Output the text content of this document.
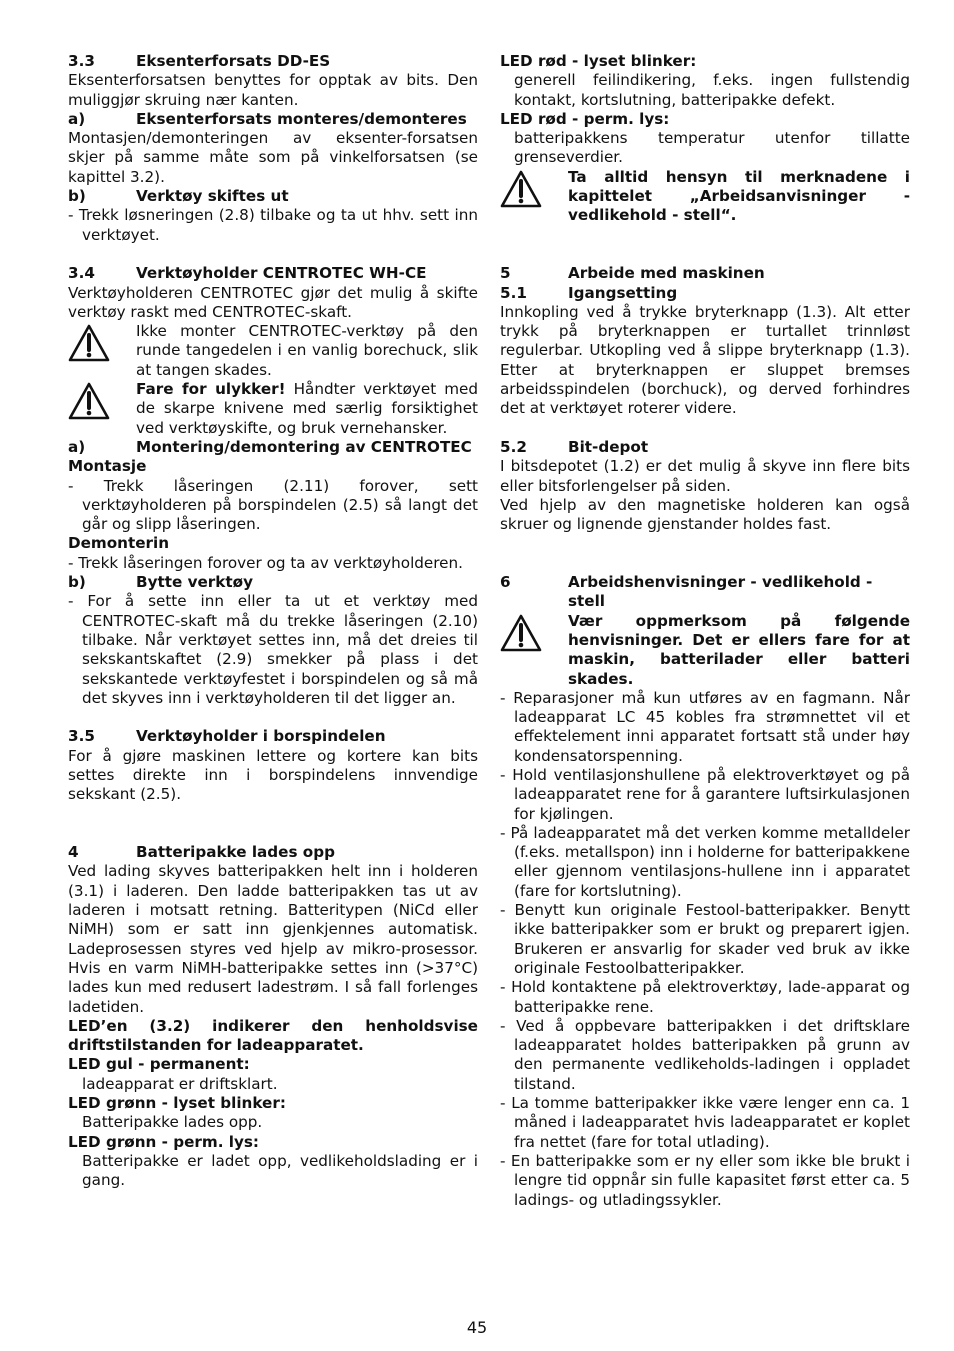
3.3	Eksenterforsats DD-ES

Eksenterforsatsen benyttes for opptak av bits. Den muliggjør skruing nær kanten.

a)	Eksenterforsats monteres/demonteres

Montasjen/demonteringen av eksenter-forsatsen skjer på samme måte som på vinkelforsatsen (se kapittel 3.2).

b)	Verktøy skiftes ut

- Trekk løsneringen (2.8) tilbake og ta ut hhv. sett inn verktøyet.

3.4	Verktøyholder CENTROTEC WH-CE

Verktøyholderen CENTROTEC gjør det mulig å skifte verktøy raskt med CENTROTEC-skaft.

Ikke monter CENTROTEC-verktøy på den runde tangedelen i en vanlig borechuck, slik at tangen skades.

Fare for ulykker! Håndter verktøyet med de skarpe knivene med særlig forsiktighet ved verktøyskifte, og bruk vernehansker.

a)	Montering/demontering av CENTROTEC

Montasje

- Trekk låseringen (2.11) forover, sett verktøyholderen på borspindelen (2.5) så langt det går og slipp låseringen.

Demonterin

- Trekk låseringen forover og ta av verktøyholderen.

b)	Bytte verktøy

- For å sette inn eller ta ut et verktøy med CENTROTEC-skaft må du trekke låseringen (2.10) tilbake. Når verktøyet settes inn, må det dreies til sekskantskaftet (2.9) smekker på plass i det sekskantede verktøyfestet i borspindelen og så må det skyves inn i verktøyholderen til det ligger an.

3.5	Verktøyholder i borspindelen

For å gjøre maskinen lettere og kortere kan bits settes direkte inn i borspindelens innvendige sekskant (2.5).

4	Batteripakke lades opp

Ved lading skyves batteripakken helt inn i holderen (3.1) i laderen. Den ladde batteripakken tas ut av laderen i motsatt retning. Batteritypen (NiCd eller NiMH) som er satt inn gjenkjennes automatisk. Ladeprosessen styres ved hjelp av mikro-prosessor. Hvis en varm NiMH-batteripakke settes inn (>37°C) lades kun med redusert ladestrøm. I så fall forlenges ladetiden.

LED’en (3.2) indikerer den henholdsvise driftstilstanden for ladeapparatet.

LED gul - permanent:

ladeapparat er driftsklart.

LED grønn - lyset blinker:

Batteripakke lades opp.

LED grønn - perm. lys:

Batteripakke er ladet opp, vedlikeholdslading er i gang.

LED rød - lyset blinker:

generell feilindikering, f.eks. ingen fullstendig kontakt, kortslutning, batteripakke defekt.

LED rød - perm. lys:

batteripakkens temperatur utenfor tillatte grenseverdier.

Ta alltid hensyn til merknadene i kapittelet „Arbeidsanvisninger - vedlikehold - stell“.

5	Arbeide med maskinen
5.1	Igangsetting

Innkopling ved å trykke bryterknapp (1.3). Alt etter trykk på bryterknappen er turtallet trinnløst regulerbar. Utkopling ved å slippe bryterknapp (1.3). Etter at bryterknappen er sluppet bremses arbeidsspindelen (borchuck), og derved forhindres det at verktøyet roterer videre.

5.2	Bit-depot

I bitsdepotet (1.2) er det mulig å skyve inn flere bits eller bitsforlengelser på siden.

Ved hjelp av den magnetiske holderen kan også skruer og lignende gjenstander holdes fast.

6	Arbeidshenvisninger - vedlikehold - stell

Vær oppmerksom på følgende henvisninger. Det er ellers fare for at maskin, batterilader eller batteri skades.

- Reparasjoner må kun utføres av en fagmann. Når ladeapparat LC 45 kobles fra strømnettet vil et effektelement inni apparatet fortsatt stå under høy kondensatorspenning.

- Hold ventilasjonshullene på elektroverktøyet og på ladeapparatet rene for å garantere luftsirkulasjonen for kjølingen.

- På ladeapparatet må det verken komme metalldeler (f.eks. metallspon) inn i holderne for batteripakkene eller gjennom ventilasjons-hullene inn i apparatet (fare for kortslutning).

- Benytt kun originale Festool-batteripakker. Benytt ikke batteripakker som er brukt og preparert igjen. Brukeren er ansvarlig for skader ved bruk av ikke originale Festoolbatteripakker.

- Hold kontaktene på elektroverktøy, lade-apparat og batteripakke rene.

- Ved å oppbevare batteripakken i det driftsklare ladeapparatet holdes batteripakken på grunn av den permanente vedlikeholds-ladingen i oppladet tilstand.

- La tomme batteripakker ikke være lenger enn ca. 1 måned i ladeapparatet hvis ladeapparatet er koplet fra nettet (fare for total utlading).

- En batteripakke som er ny eller som ikke ble brukt i lengre tid oppnår sin fulle kapasitet først etter ca. 5 ladings- og utladingssykler.

45
